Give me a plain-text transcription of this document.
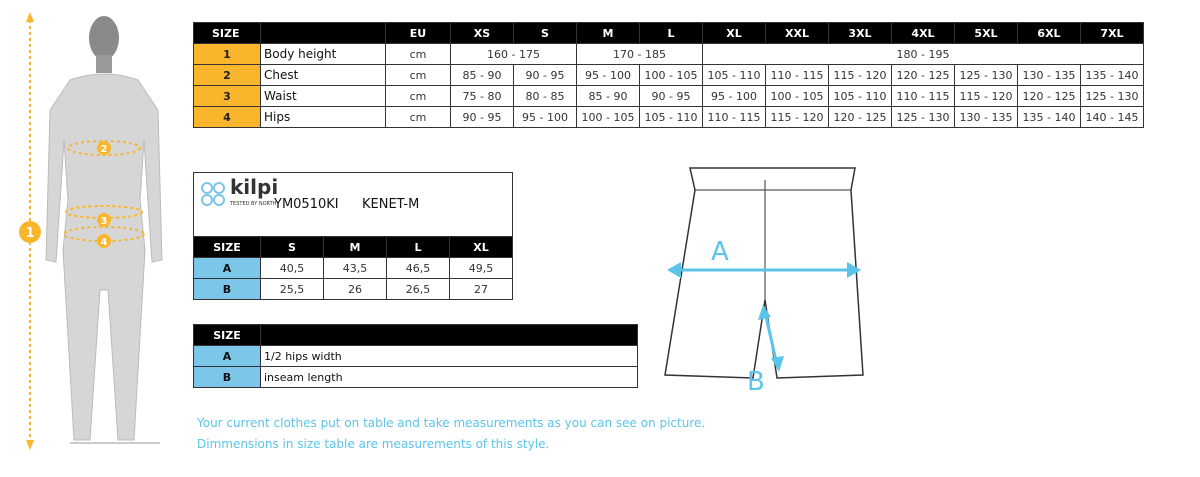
1
2
3
4
SIZE		EU	XS	S	M	L	XL	XXL	3XL	4XL	5XL	6XL	7XL
1	Body height	cm	160 - 175		170 - 185		180 - 195						
2	Chest	cm	85 - 90	90 - 95	95 - 100	100 - 105	105 - 110	110 - 115	115 - 120	120 - 125	125 - 130	130 - 135	135 - 140
3	Waist	cm	75 - 80	80 - 85	85 - 90	90 - 95	95 - 100	100 - 105	105 - 110	110 - 115	115 - 120	120 - 125	125 - 130
4	Hips	cm	90 - 95	95 - 100	100 - 105	105 - 110	110 - 115	115 - 120	120 - 125	125 - 130	130 - 135	135 - 140	140 - 145
kilpi
TESTED BY NORTH
YM0510KI KENET-M
SIZE	S	M	L	XL
A	40,5	43,5	46,5	49,5
B	25,5	26	26,5	27
SIZE	
A	1/2 hips width
B	inseam length
A
B
Your current clothes put on table and take measurements as you can see on picture.
Dimmensions in size table are measurements of this style.
